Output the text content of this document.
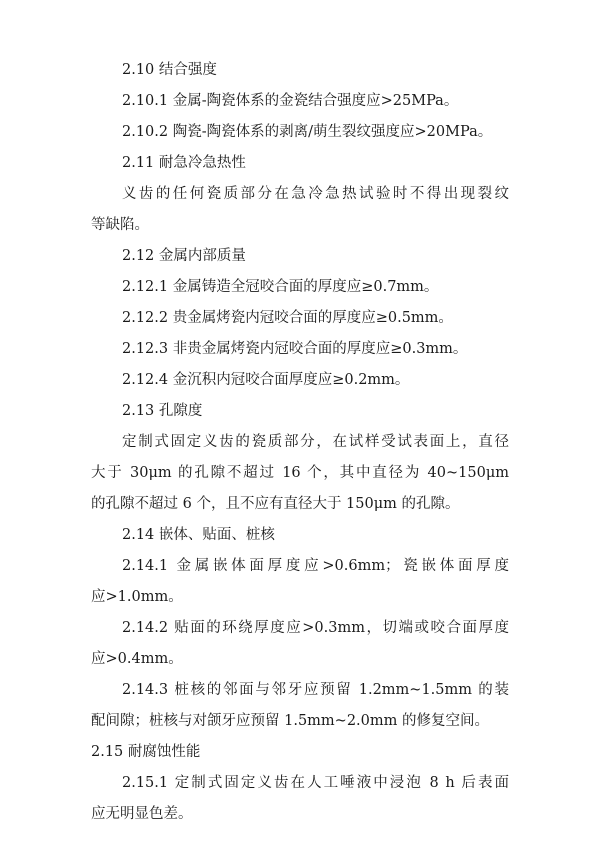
2.10 结合强度
2.10.1 金属-陶瓷体系的金瓷结合强度应>25MPa。
2.10.2 陶瓷-陶瓷体系的剥离/萌生裂纹强度应>20MPa。
2.11 耐急冷急热性
义齿的任何瓷质部分在急冷急热试验时不得出现裂纹
等缺陷。
2.12 金属内部质量
2.12.1 金属铸造全冠咬合面的厚度应≥0.7mm。
2.12.2 贵金属烤瓷内冠咬合面的厚度应≥0.5mm。
2.12.3 非贵金属烤瓷内冠咬合面的厚度应≥0.3mm。
2.12.4 金沉积内冠咬合面厚度应≥0.2mm。
2.13 孔隙度
定制式固定义齿的瓷质部分，在试样受试表面上，直径
大于 30μm 的孔隙不超过 16 个，其中直径为 40~150μm
的孔隙不超过 6 个，且不应有直径大于 150μm 的孔隙。
2.14 嵌体、贴面、桩核
2.14.1 金属嵌体面厚度应>0.6mm；瓷嵌体面厚度
应>1.0mm。
2.14.2 贴面的环绕厚度应>0.3mm，切端或咬合面厚度
应>0.4mm。
2.14.3 桩核的邻面与邻牙应预留 1.2mm~1.5mm 的装
配间隙；桩核与对颌牙应预留 1.5mm~2.0mm 的修复空间。
2.15 耐腐蚀性能
2.15.1 定制式固定义齿在人工唾液中浸泡 8 h 后表面
应无明显色差。
